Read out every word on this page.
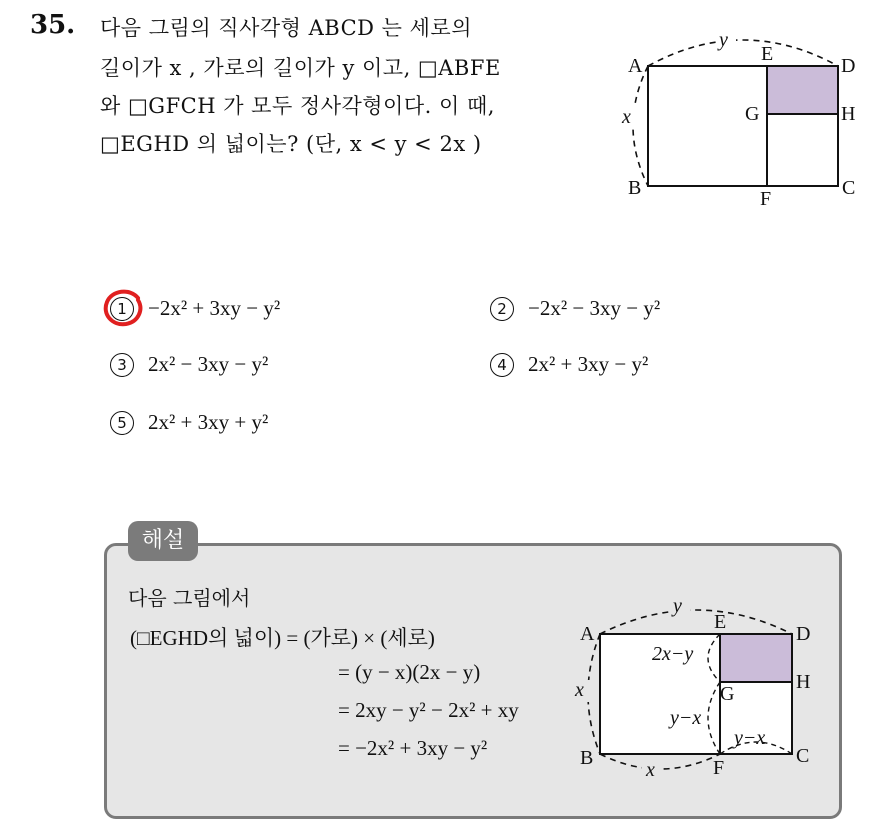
35. 다음 그림의 직사각형 ABCD 는 세로의
길이가 x , 가로의 길이가 y 이고, □ABFE
와 □GFCH 가 모두 정사각형이다. 이 때,
□EGHD 의 넓이는? (단, x < y < 2x )
y
x
A
B	C
D
E
F
G	H
1	−2x² + 3xy − y²	2	−2x² − 3xy − y²
3	2x² − 3xy − y²	4	2x² + 3xy − y²
5	2x² + 3xy + y²
해설
다음 그림에서
(□EGHD의 넓이) = (가로) × (세로)
= (y − x)(2x − y)
= 2xy − y² − 2x² + xy
= −2x² + 3xy − y²
y
x
x
2x−y
y−x
y−x
A
B	C
D
E
F
G
H
